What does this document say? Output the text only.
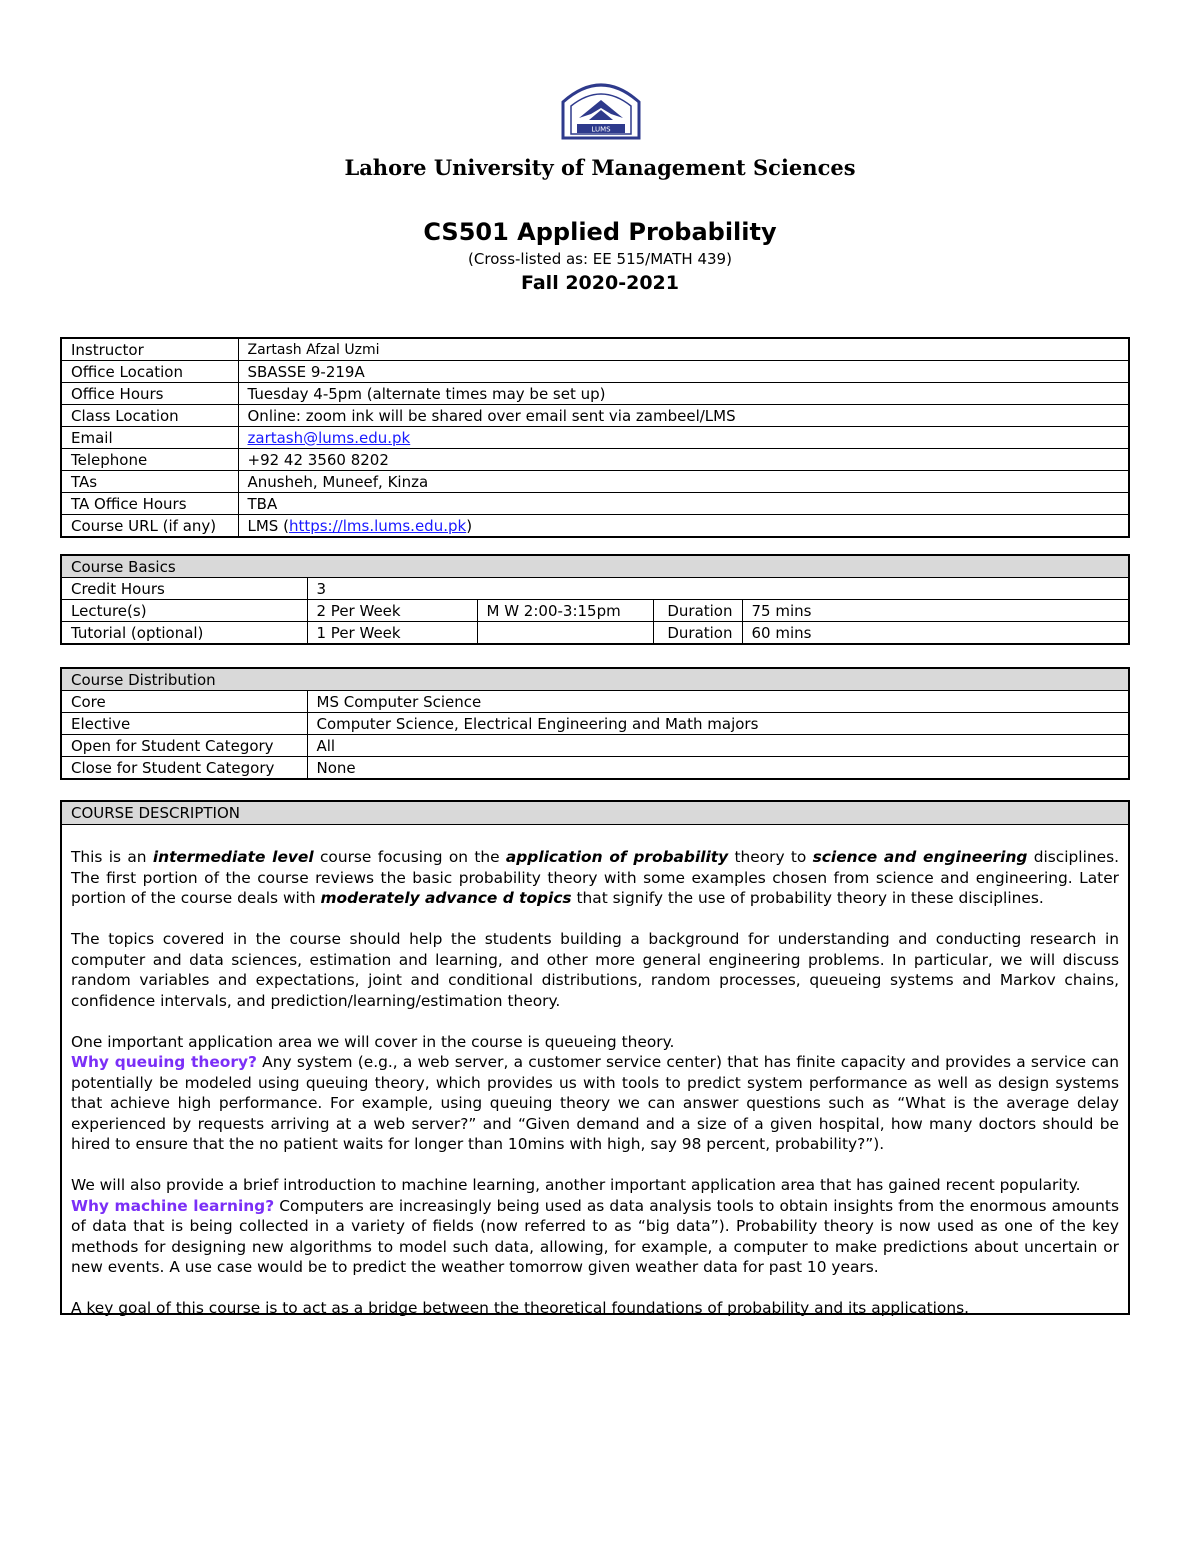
LUMS
Lahore University of Management Sciences
CS501 Applied Probability
(Cross-listed as: EE 515/MATH 439)
Fall 2020-2021
Instructor	Zartash Afzal Uzmi
Office Location	SBASSE 9-219A
Office Hours	Tuesday 4-5pm (alternate times may be set up)
Class Location	Online: zoom ink will be shared over email sent via zambeel/LMS
Email	zartash@lums.edu.pk
Telephone	+92 42 3560 8202
TAs	Anusheh, Muneef, Kinza
TA Office Hours	TBA
Course URL (if any)	LMS (https://lms.lums.edu.pk)
Course Basics				
Credit Hours	3			
Lecture(s)	2 Per Week	M W 2:00-3:15pm	Duration	75 mins
Tutorial (optional)	1 Per Week		Duration	60 mins
Course Distribution	
Core	MS Computer Science
Elective	Computer Science, Electrical Engineering and Math majors
Open for Student Category	All
Close for Student Category	None
COURSE DESCRIPTION

This is an intermediate level course focusing on the application of probability theory to science and engineering disciplines. The first portion of the course reviews the basic probability theory with some examples chosen from science and engineering. Later portion of the course deals with moderately advance d topics that signify the use of probability theory in these disciplines.

The topics covered in the course should help the students building a background for understanding and conducting research in computer and data sciences, estimation and learning, and other more general engineering problems. In particular, we will discuss random variables and expectations, joint and conditional distributions, random processes, queueing systems and Markov chains, confidence intervals, and prediction/learning/estimation theory.

One important application area we will cover in the course is queueing theory.

Why queuing theory? Any system (e.g., a web server, a customer service center) that has finite capacity and provides a service can potentially be modeled using queuing theory, which provides us with tools to predict system performance as well as design systems that achieve high performance. For example, using queuing theory we can answer questions such as “What is the average delay experienced by requests arriving at a web server?” and “Given demand and a size of a given hospital, how many doctors should be hired to ensure that the no patient waits for longer than 10mins with high, say 98 percent, probability?”).

We will also provide a brief introduction to machine learning, another important application area that has gained recent popularity.

Why machine learning? Computers are increasingly being used as data analysis tools to obtain insights from the enormous amounts of data that is being collected in a variety of fields (now referred to as “big data”). Probability theory is now used as one of the key methods for designing new algorithms to model such data, allowing, for example, a computer to make predictions about uncertain or new events. A use case would be to predict the weather tomorrow given weather data for past 10 years.

A key goal of this course is to act as a bridge between the theoretical foundations of probability and its applications.
